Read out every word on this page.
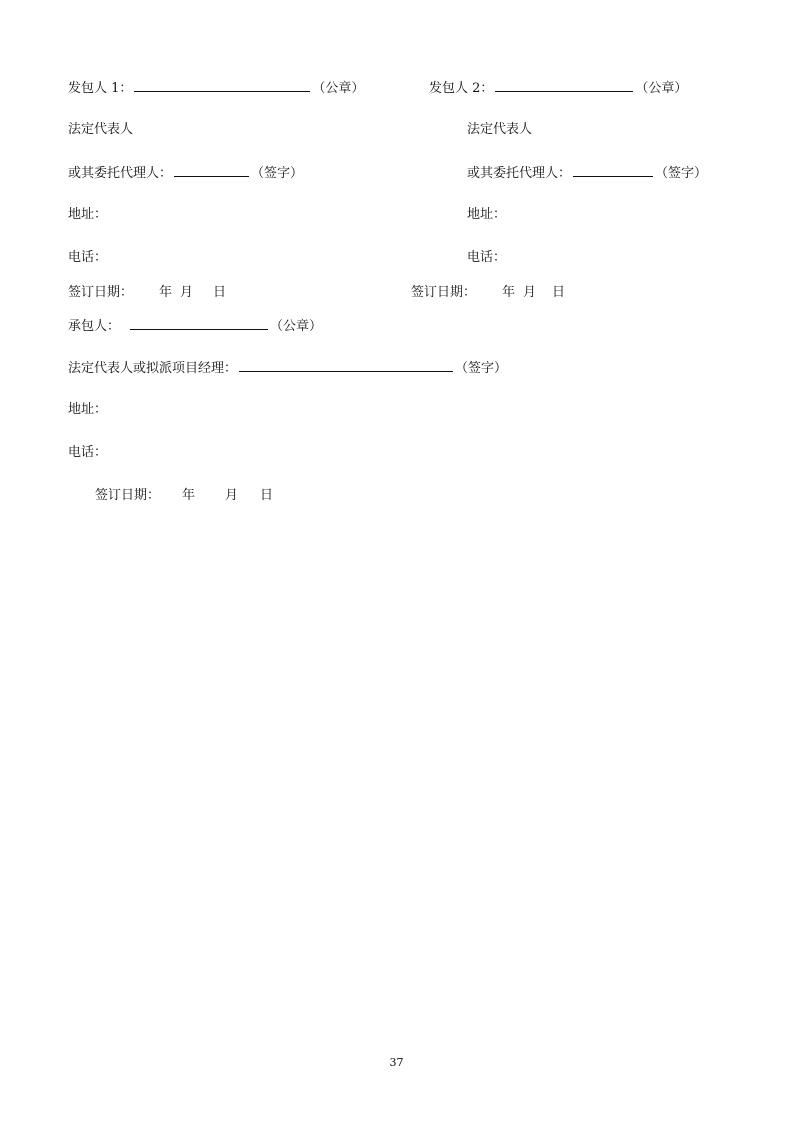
发包人 1：	（公章）
法定代表人
或其委托代理人：	（签字）
地址：
电话：
签订日期： 年 月 日
发包人 2：	（公章）
法定代表人
或其委托代理人：	（签字）
地址：
电话：
签订日期： 年 月 日
承包人：	（公章）
法定代表人或拟派项目经理：	（签字）
地址：
电话：
签订日期： 年 月 日
37
